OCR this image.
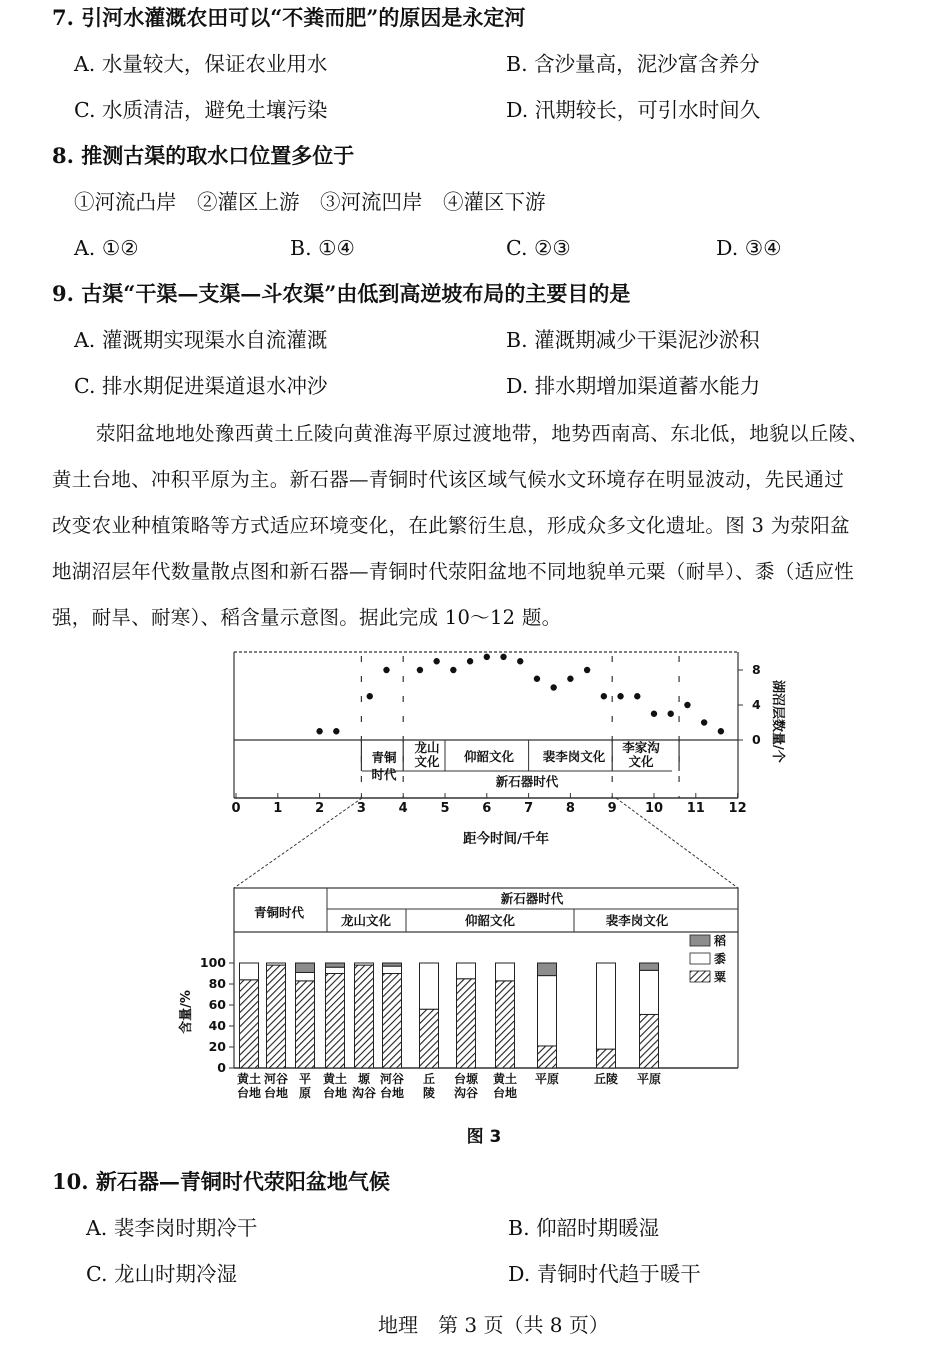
7. 引河水灌溉农田可以“不粪而肥”的原因是永定河
A. 水量较大，保证农业用水	B. 含沙量高，泥沙富含养分
C. 水质清洁，避免土壤污染	D. 汛期较长，可引水时间久
8. 推测古渠的取水口位置多位于
①河流凸岸　②灌区上游　③河流凹岸　④灌区下游
A. ①②	B. ①④	C. ②③	D. ③④
9. 古渠“干渠—支渠—斗农渠”由低到高逆坡布局的主要目的是
A. 灌溉期实现渠水自流灌溉	B. 灌溉期减少干渠泥沙淤积
C. 排水期促进渠道退水冲沙	D. 排水期增加渠道蓄水能力
荥阳盆地地处豫西黄土丘陵向黄淮海平原过渡地带，地势西南高、东北低，地貌以丘陵、
黄土台地、冲积平原为主。新石器—青铜时代该区域气候水文环境存在明显波动，先民通过
改变农业种植策略等方式适应环境变化，在此繁衍生息，形成众多文化遗址。图 3 为荥阳盆
地湖沼层年代数量散点图和新石器—青铜时代荥阳盆地不同地貌单元粟（耐旱）、黍（适应性
强，耐旱、耐寒）、稻含量示意图。据此完成 10～12 题。
0	1	2	3	4	5	6	7	8	9 10 11 12
0
4
8
青铜
时代
龙山
文化 仰韶文化 裴李岗文化
李家沟
文化
新石器时代
距今时间/千年
湖沼层数量/个
青铜时代
新石器时代
龙山文化	仰韶文化	裴李岗文化
0
20
40
60
80
100
黄土
台地
河谷
台地
平
原
黄土
台地
塬
沟谷
河谷
台地
丘
陵
台塬
沟谷
黄土
台地
平原	丘陵 平原
含量/%
稻
黍
粟
图 3
10. 新石器—青铜时代荥阳盆地气候
A. 裴李岗时期冷干	B. 仰韶时期暖湿
C. 龙山时期冷湿	D. 青铜时代趋于暖干
地理　第 3 页（共 8 页）
